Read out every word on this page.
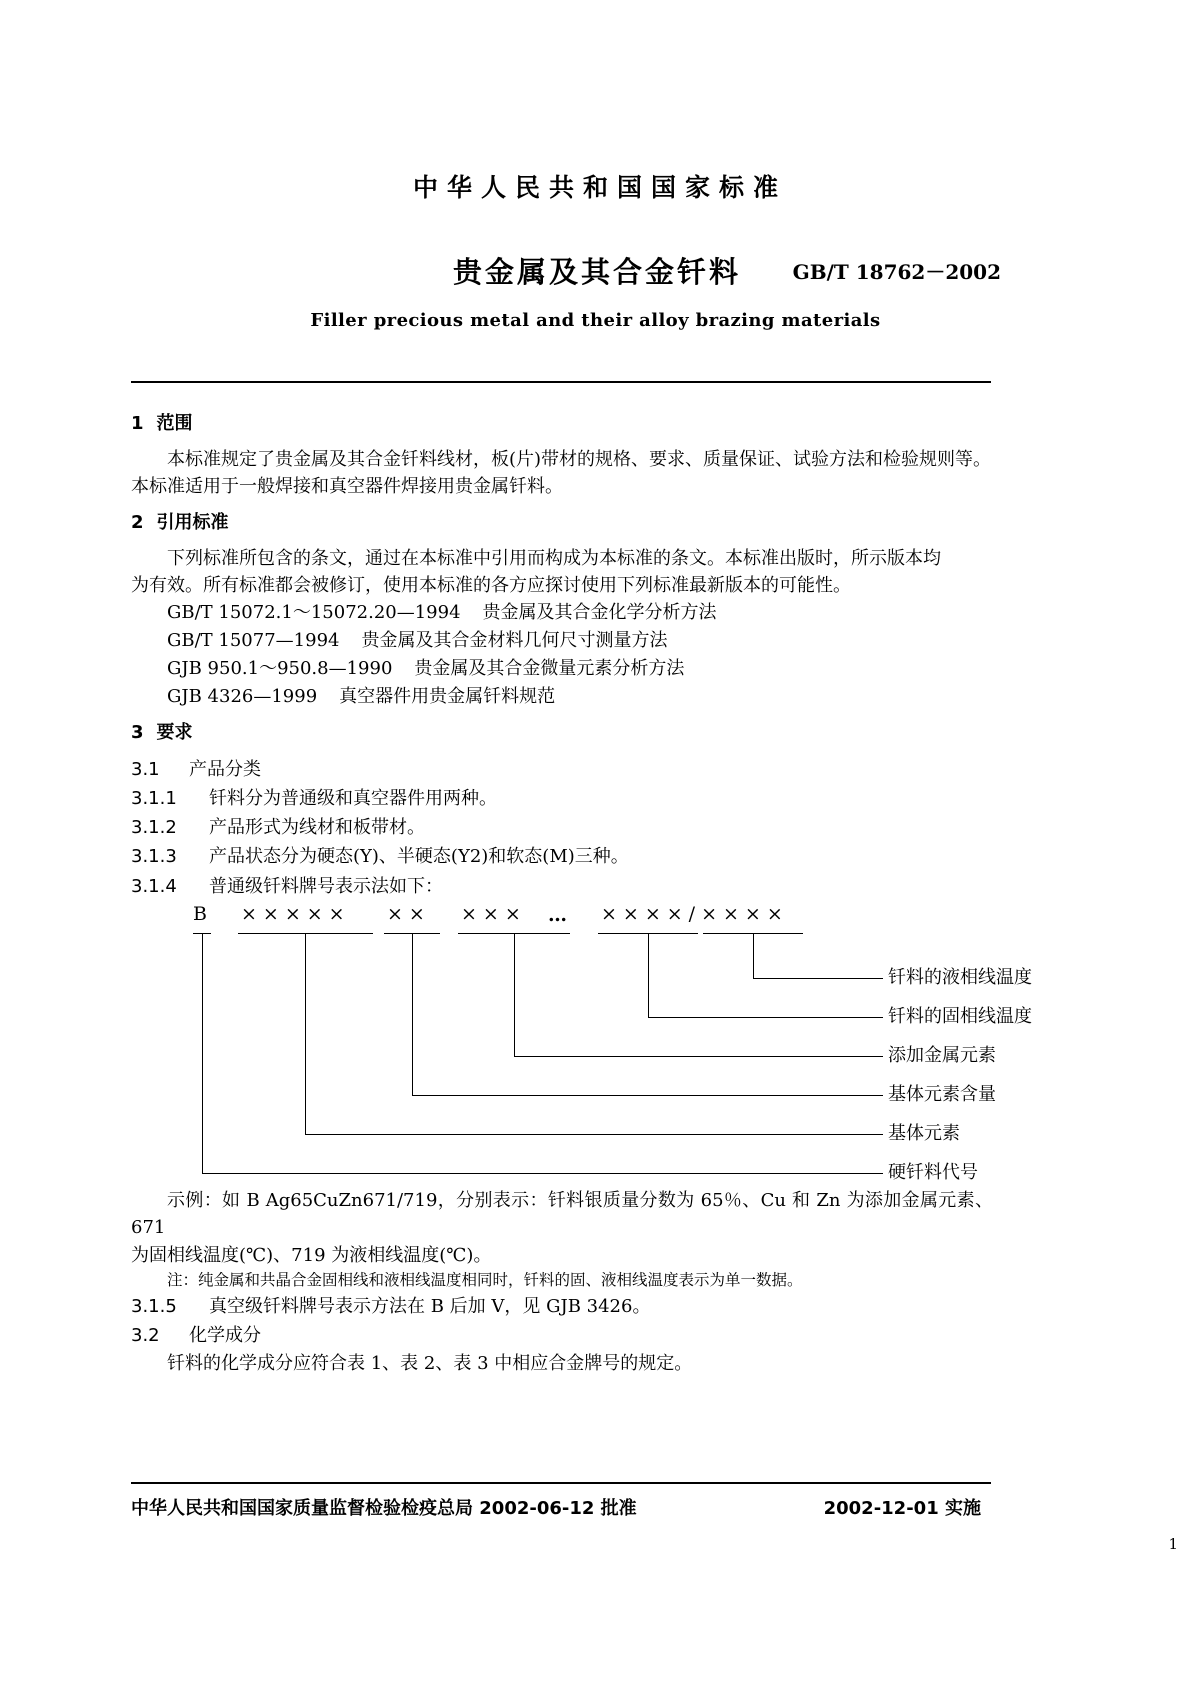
中华人民共和国国家标准
贵金属及其合金钎料	GB/T 18762－2002
Filler precious metal and their alloy brazing materials

1 范围

本标准规定了贵金属及其合金钎料线材，板(片)带材的规格、要求、质量保证、试验方法和检验规则等。

本标准适用于一般焊接和真空器件焊接用贵金属钎料。

2 引用标准

下列标准所包含的条文，通过在本标准中引用而构成为本标准的条文。本标准出版时，所示版本均

为有效。所有标准都会被修订，使用本标准的各方应探讨使用下列标准最新版本的可能性。

GB/T 15072.1～15072.20—1994 贵金属及其合金化学分析方法

GB/T 15077—1994 贵金属及其合金材料几何尺寸测量方法

GJB 950.1～950.8—1990 贵金属及其合金微量元素分析方法

GJB 4326—1999 真空器件用贵金属钎料规范

3 要求

3.1 产品分类

3.1.1 钎料分为普通级和真空器件用两种。

3.1.2 产品形式为线材和板带材。

3.1.3 产品状态分为硬态(Y)、半硬态(Y2)和软态(M)三种。

3.1.4 普通级钎料牌号表示法如下：

B ××××× ×× ××× … ××××/××××
钎料的液相线温度
钎料的固相线温度
添加金属元素
基体元素含量
基体元素
硬钎料代号

示例：如 B Ag65CuZn671/719，分别表示：钎料银质量分数为 65％、Cu 和 Zn 为添加金属元素、671

为固相线温度(℃)、719 为液相线温度(℃)。

注：纯金属和共晶合金固相线和液相线温度相同时，钎料的固、液相线温度表示为单一数据。

3.1.5 真空级钎料牌号表示方法在 B 后加 V，见 GJB 3426。

3.2 化学成分

钎料的化学成分应符合表 1、表 2、表 3 中相应合金牌号的规定。

中华人民共和国国家质量监督检验检疫总局 2002‑06‑12 批准	2002‑12‑01 实施
1
